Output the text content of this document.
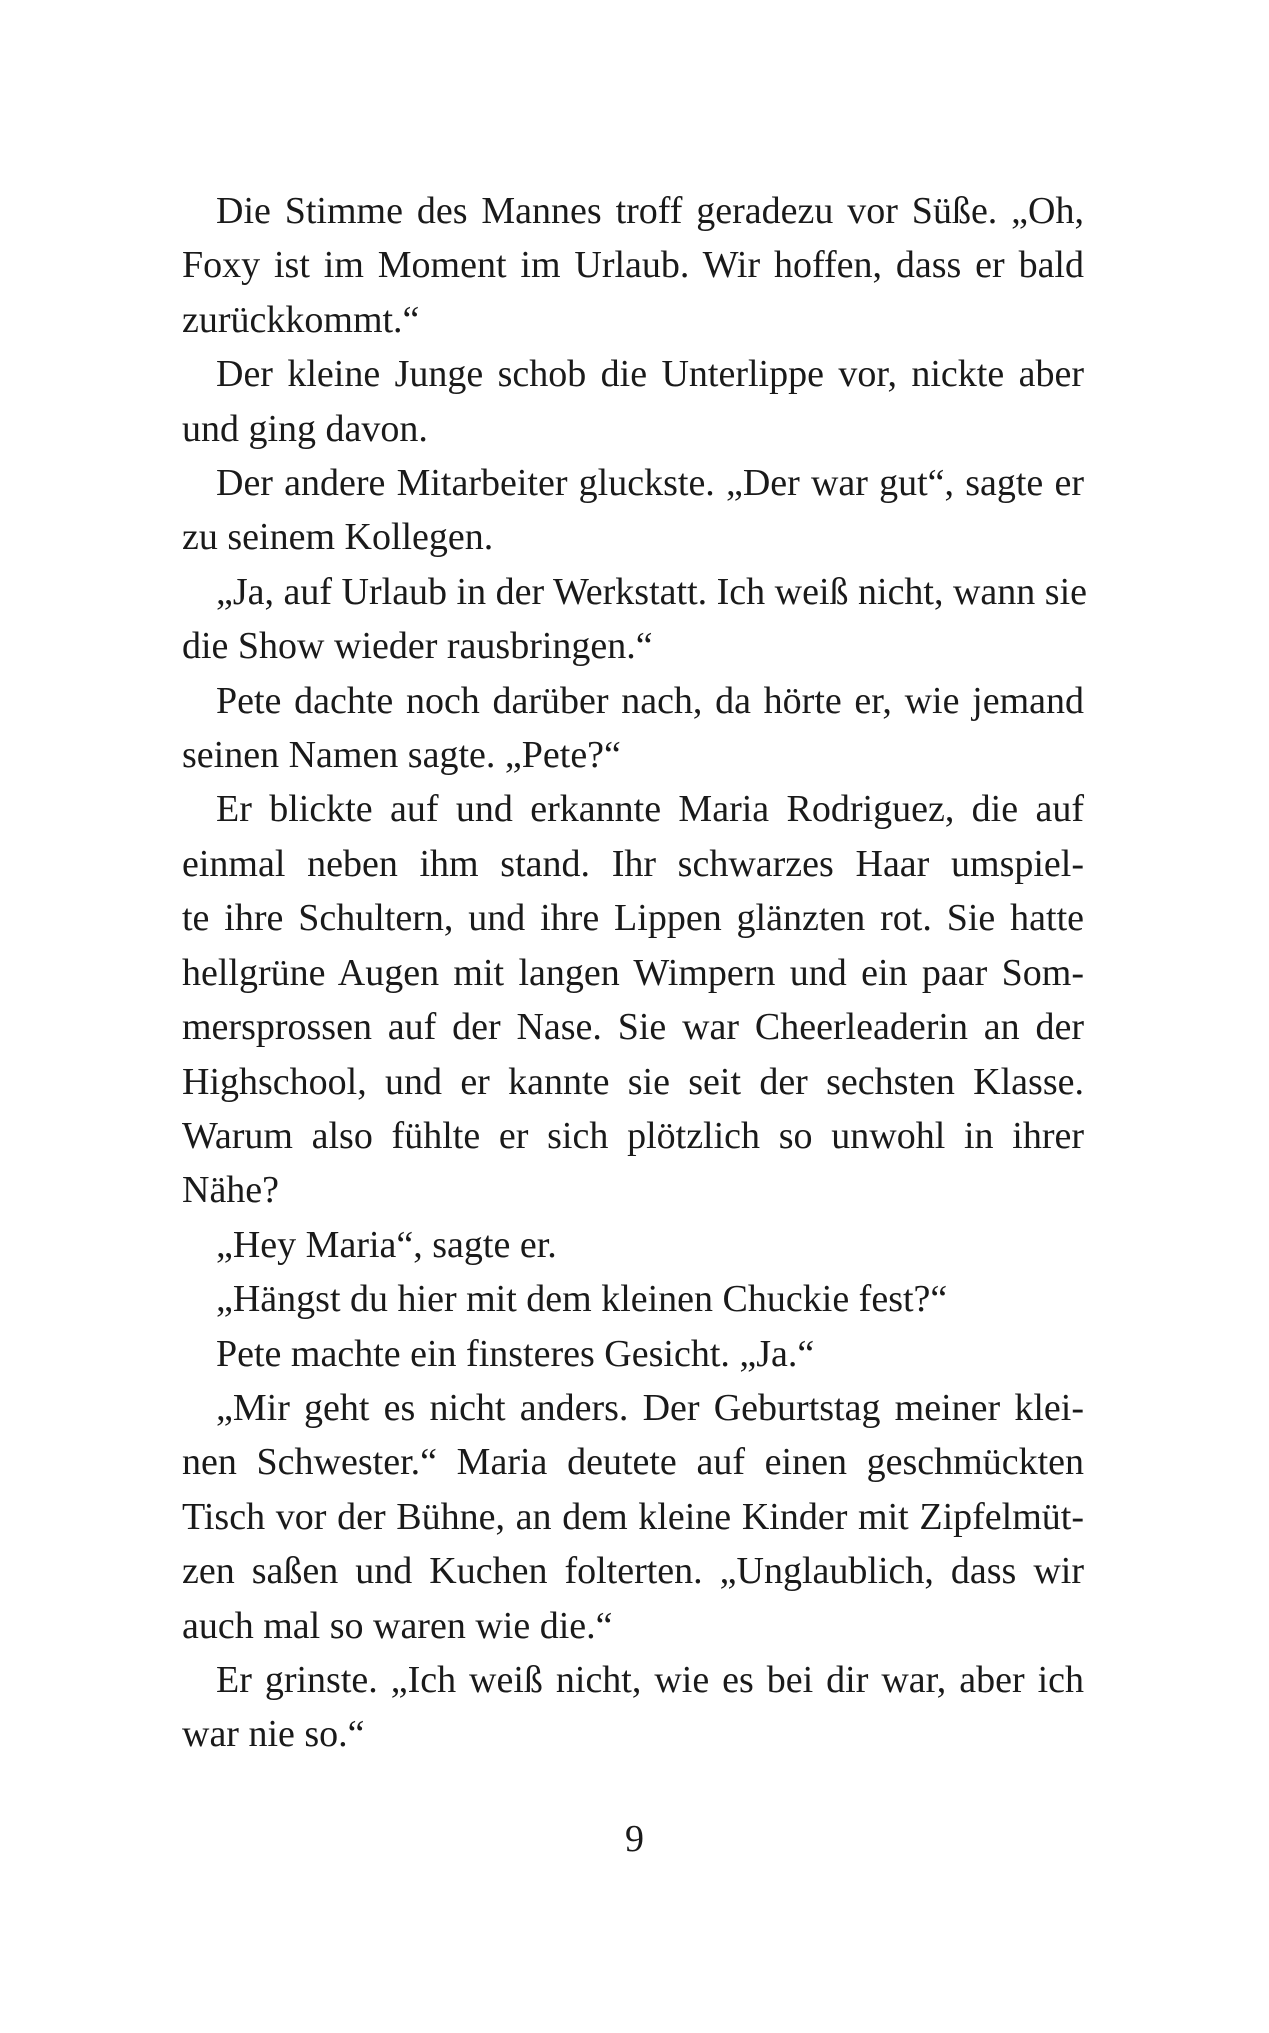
Die Stimme des Mannes troff geradezu vor Süße. „Oh,
Foxy ist im Moment im Urlaub. Wir hoffen, dass er bald
zurückkommt.“

Der kleine Junge schob die Unterlippe vor, nickte aber
und ging davon.

Der andere Mitarbeiter gluckste. „Der war gut“, sagte er
zu seinem Kollegen.

„Ja, auf Urlaub in der Werkstatt. Ich weiß nicht, wann sie
die Show wieder rausbringen.“

Pete dachte noch darüber nach, da hörte er, wie jemand
seinen Namen sagte. „Pete?“

Er blickte auf und erkannte Maria Rodriguez, die auf
einmal neben ihm stand. Ihr schwarzes Haar umspiel-
te ihre Schultern, und ihre Lippen glänzten rot. Sie hatte
hellgrüne Augen mit langen Wimpern und ein paar Som-
mersprossen auf der Nase. Sie war Cheerleaderin an der
Highschool, und er kannte sie seit der sechsten Klasse.
Warum also fühlte er sich plötzlich so unwohl in ihrer
Nähe?

„Hey Maria“, sagte er.

„Hängst du hier mit dem kleinen Chuckie fest?“

Pete machte ein finsteres Gesicht. „Ja.“

„Mir geht es nicht anders. Der Geburtstag meiner klei-
nen Schwester.“ Maria deutete auf einen geschmückten
Tisch vor der Bühne, an dem kleine Kinder mit Zipfelmüt-
zen saßen und Kuchen folterten. „Unglaublich, dass wir
auch mal so waren wie die.“

Er grinste. „Ich weiß nicht, wie es bei dir war, aber ich
war nie so.“

9
